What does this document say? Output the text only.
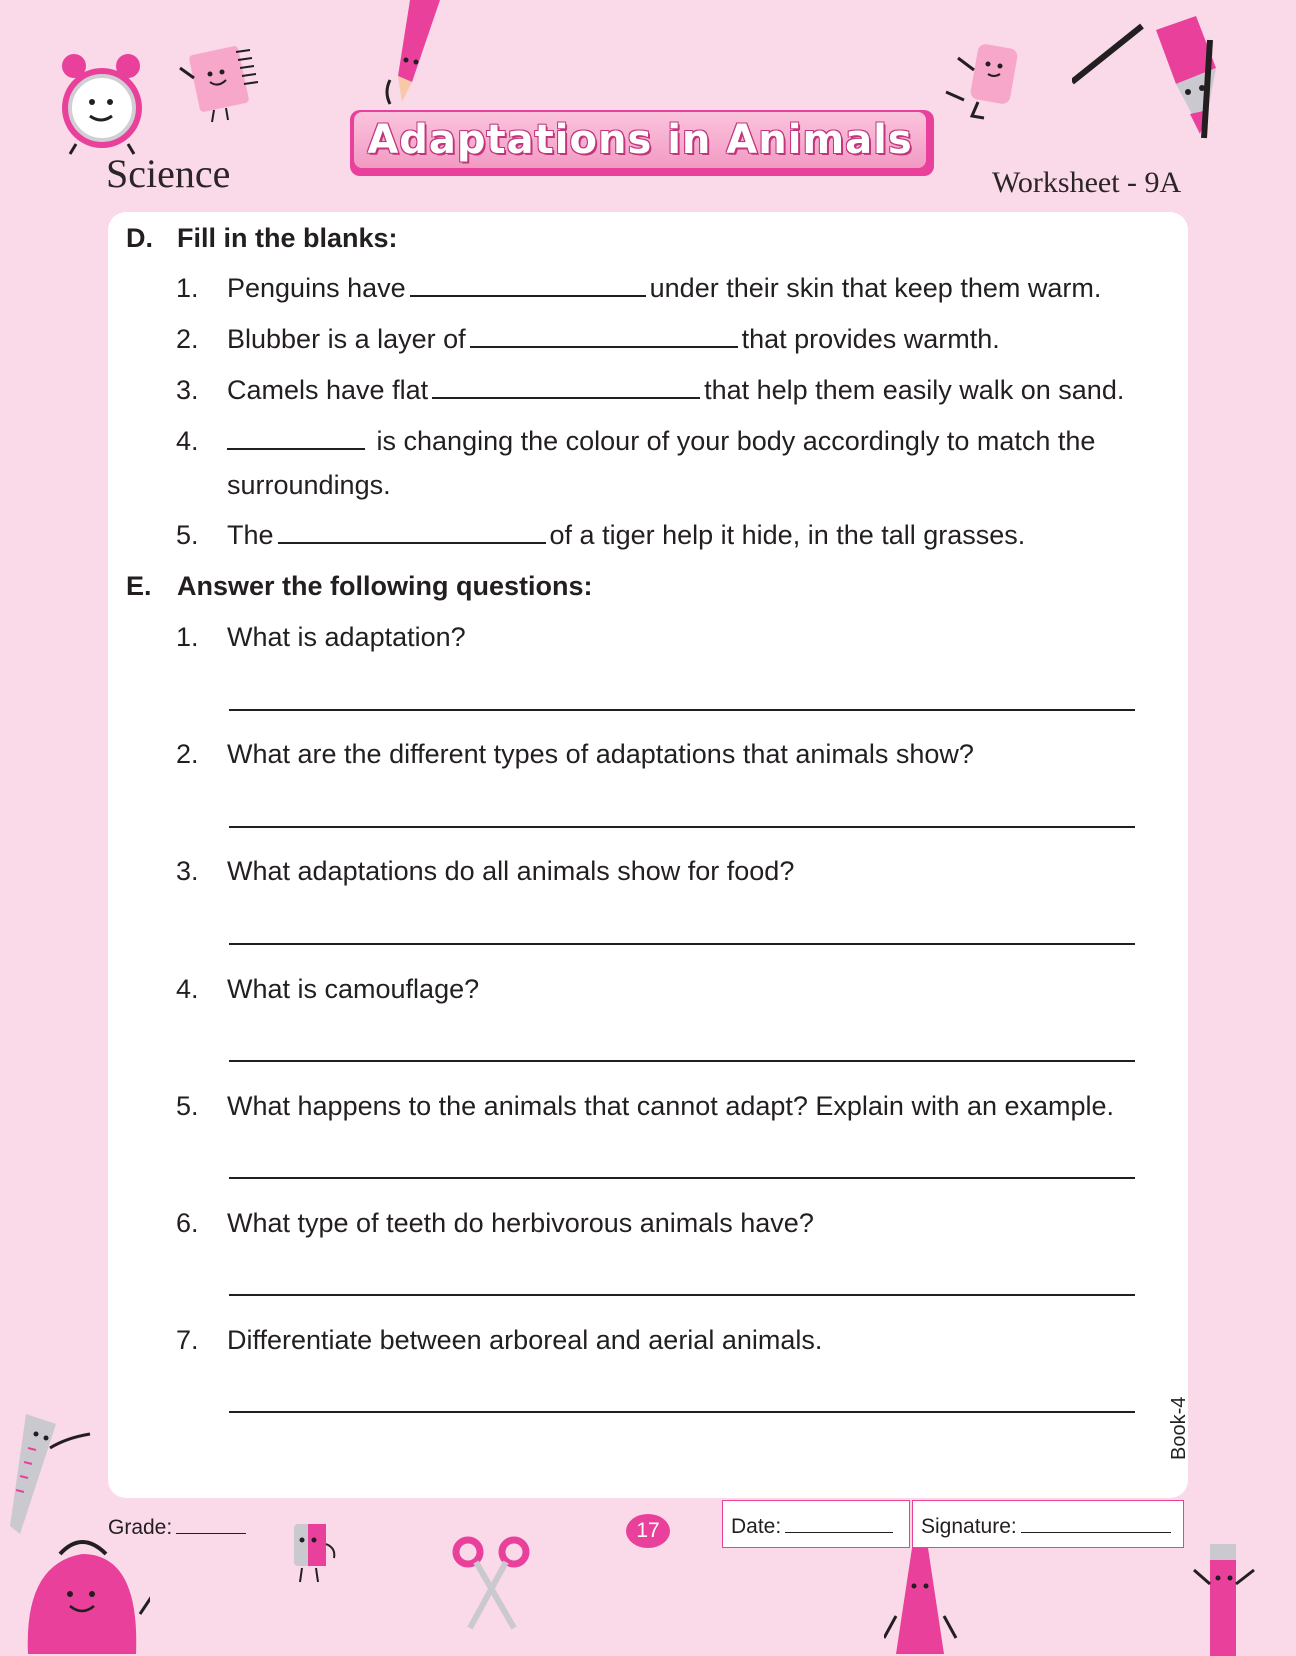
Science
Adaptations in Animals
Worksheet - 9A
D. Fill in the blanks:
1. Penguins have	under their skin that keep them warm.
2. Blubber is a layer of	that provides warmth.
3. Camels have flat	that help them easily walk on sand.
4.	is changing the colour of your body accordingly to match the
surroundings.
5. The	of a tiger help it hide, in the tall grasses.
E. Answer the following questions:
1. What is adaptation?
2. What are the different types of adaptations that animals show?
3. What adaptations do all animals show for food?
4. What is camouflage?
5. What happens to the animals that cannot adapt? Explain with an example.
6. What type of teeth do herbivorous animals have?
7. Differentiate between arboreal and aerial animals.
Grade:	17	Date:	Signature:
Book-4
